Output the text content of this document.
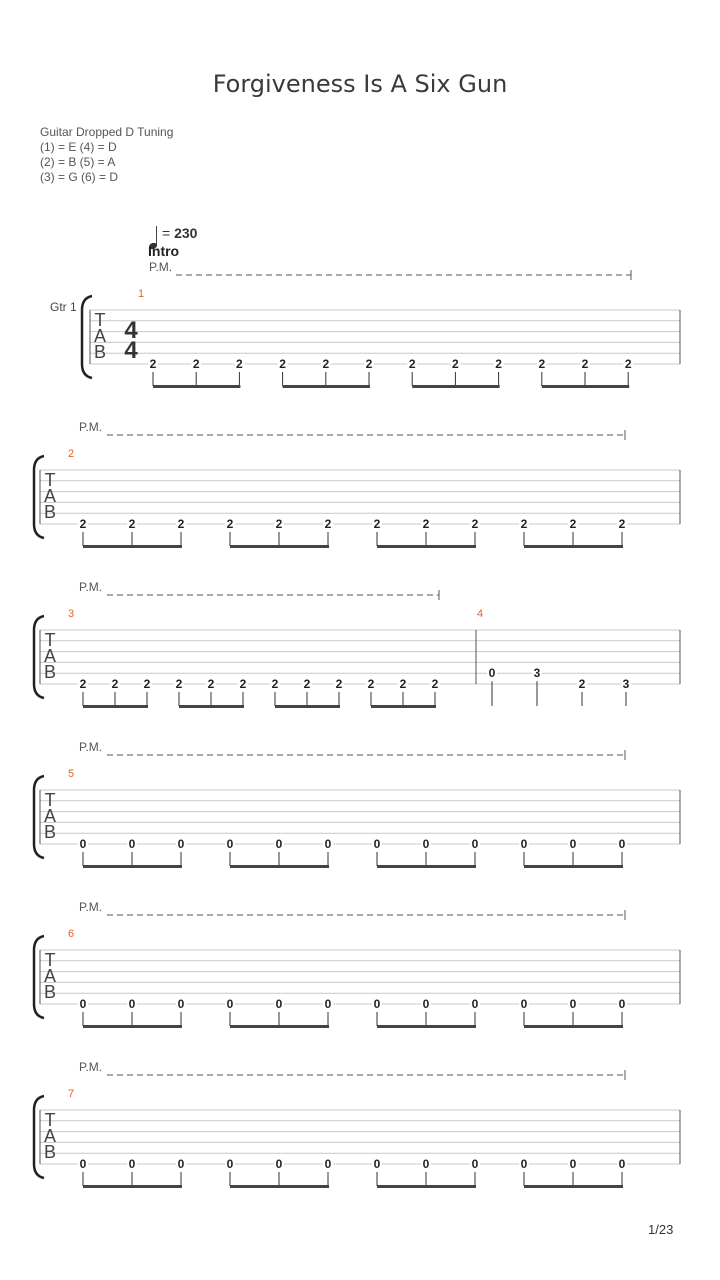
Forgiveness Is A Six Gun
Guitar Dropped D Tuning
(1) = E (4) = D
(2) = B (5) = A
(3) = G (6) = D
= 230
Intro
Gtr 1
T
A
B
4
4
P.M.
1
2	2	2	2	2	2	2	2	2	2	2	2
T
A
B
P.M.
2
2	2	2	2	2	2	2	2	2	2	2	2
T
A
B
P.M.
3
2 2 2 2 2 2 2 2 2 2 2 2
4
0	3
2	3
T
A
B
P.M.
5
0	0	0	0	0	0	0	0	0	0	0	0
T
A
B
P.M.
6
0	0	0	0	0	0	0	0	0	0	0	0
T
A
B
P.M.
7
0	0	0	0	0	0	0	0	0	0	0	0
1/23
